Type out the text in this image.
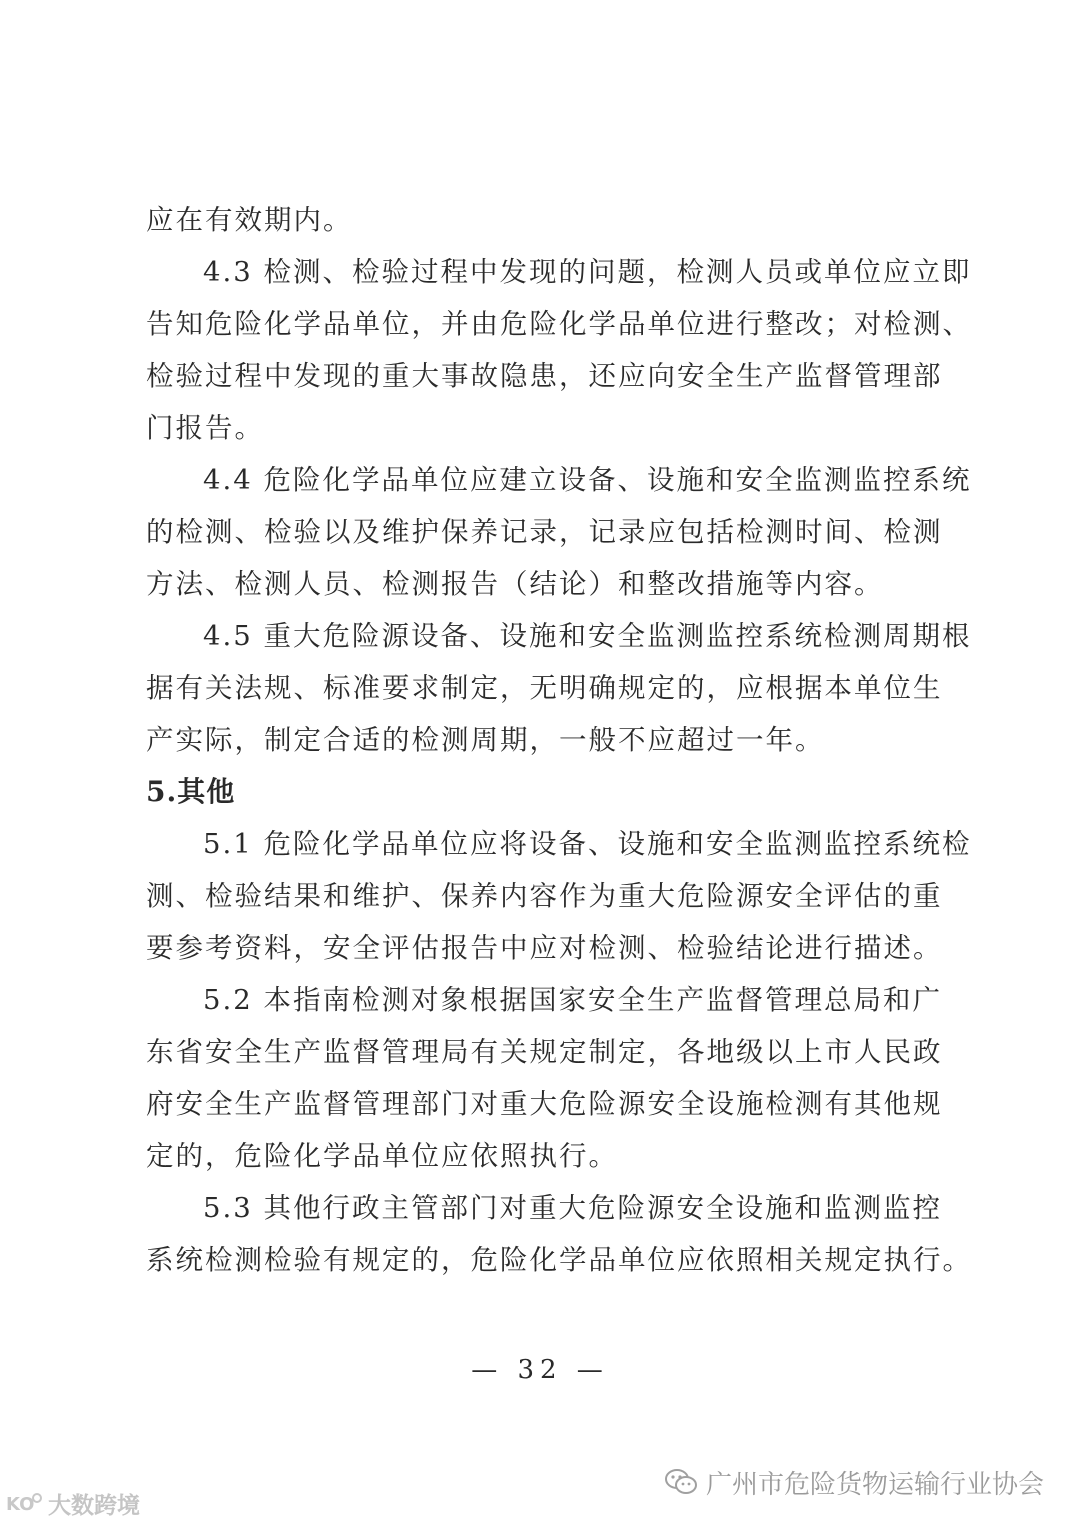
应在有效期内。
4.3 检测、检验过程中发现的问题，检测人员或单位应立即
告知危险化学品单位，并由危险化学品单位进行整改；对检测、
检验过程中发现的重大事故隐患，还应向安全生产监督管理部
门报告。
4.4 危险化学品单位应建立设备、设施和安全监测监控系统
的检测、检验以及维护保养记录，记录应包括检测时间、检测
方法、检测人员、检测报告（结论）和整改措施等内容。
4.5 重大危险源设备、设施和安全监测监控系统检测周期根
据有关法规、标准要求制定，无明确规定的，应根据本单位生
产实际，制定合适的检测周期，一般不应超过一年。
5.其他
5.1 危险化学品单位应将设备、设施和安全监测监控系统检
测、检验结果和维护、保养内容作为重大危险源安全评估的重
要参考资料，安全评估报告中应对检测、检验结论进行描述。
5.2 本指南检测对象根据国家安全生产监督管理总局和广
东省安全生产监督管理局有关规定制定，各地级以上市人民政
府安全生产监督管理部门对重大危险源安全设施检测有其他规
定的，危险化学品单位应依照执行。
5.3 其他行政主管部门对重大危险源安全设施和监测监控
系统检测检验有规定的，危险化学品单位应依照相关规定执行。
— 32 —
广州市危险货物运输行业协会
KO 大数跨境
